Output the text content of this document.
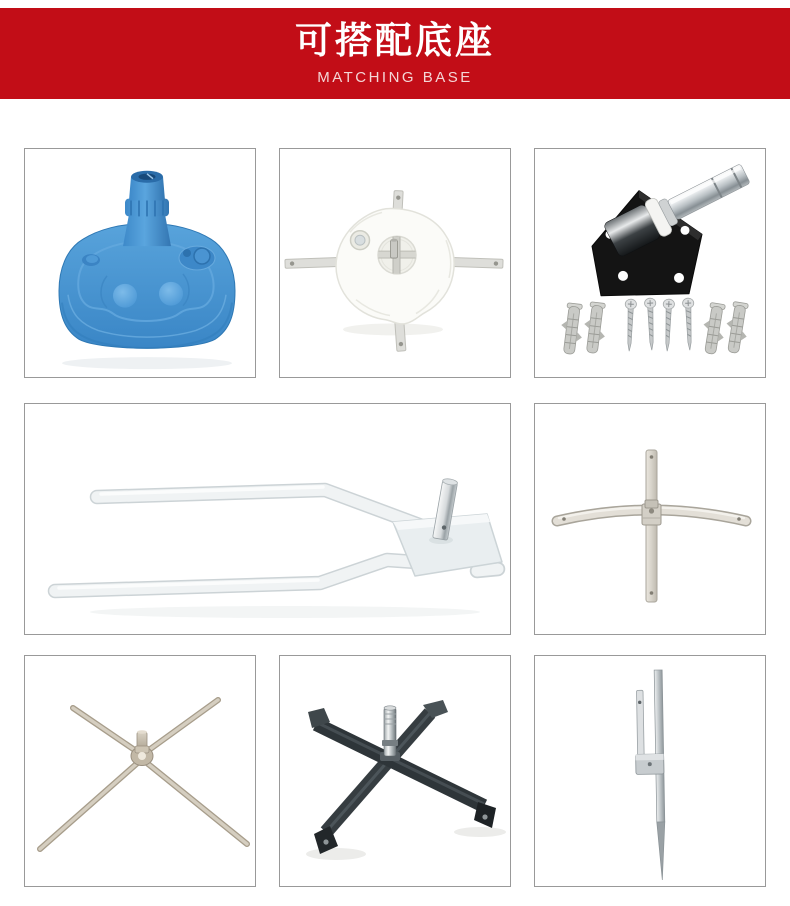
可搭配底座
MATCHING BASE
